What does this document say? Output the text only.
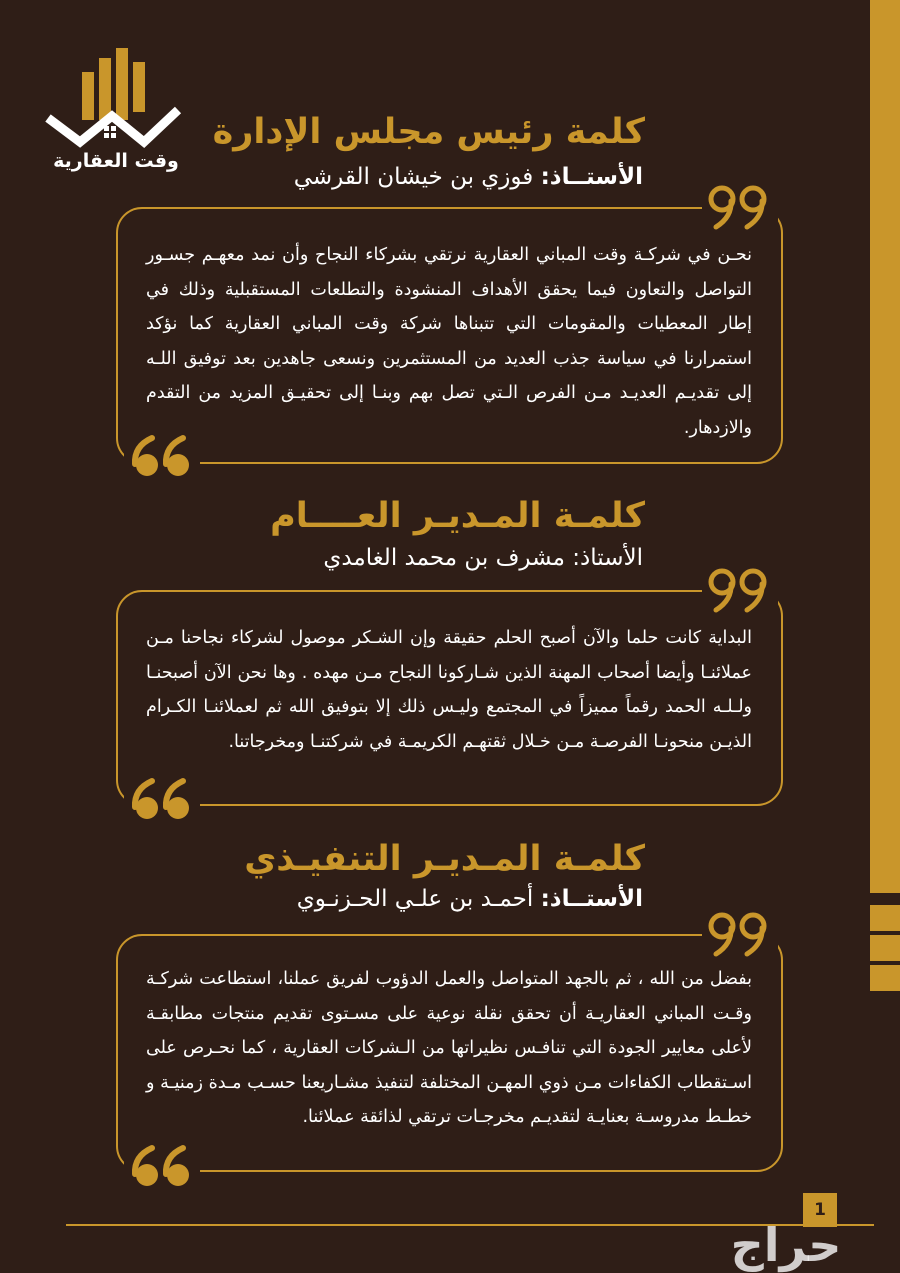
وقت العقارية
كلمة رئيس مجلس الإدارة
الأستــاذ: فوزي بن خيشان القرشي
نحـن في شركـة وقت المباني العقارية نرتقي بشركاء النجاح وأن نمد معهـم جسـور التواصل والتعاون فيما يحقق الأهداف المنشودة والتطلعات المستقبلية وذلك في إطار المعطيات والمقومات التي تتبناها شركة وقت المباني العقارية كما نؤكد استمرارنا في سياسة جذب العديد من المستثمرين ونسعى جاهدين بعد توفيق اللـه إلى تقديـم العديـد مـن الفرص الـتي تصل بهم وبنـا إلى تحقيـق المزيد من التقدم والازدهار.
كلمـة المـديـر العــــام
الأستاذ: مشرف بن محمد الغامدي
البداية كانت حلما والآن أصبح الحلم حقيقة وإن الشـكر موصول لشركاء نجاحنا مـن عملائنـا وأيضا أصحاب المهنة الذين شـاركونا النجاح مـن مهده . وها نحن الآن أصبحنـا ولـلـه الحمد رقماً مميزاً في المجتمع وليـس ذلك إلا بتوفيق الله ثم لعملائنـا الكـرام الذيـن منحونـا الفرصـة مـن خـلال ثقتهـم الكريمـة في شركتنـا ومخرجاتنا.
كلمـة المـديـر التنفيـذي
الأستــاذ: أحمـد بن علـي الحـزنـوي
بفضل من الله ، ثم بالجهد المتواصل والعمل الدؤوب لفريق عملنا، استطاعت شركـة وقـت المباني العقاريـة أن تحقق نقلة نوعية على مسـتوى تقديم منتجات مطابقـة لأعلى معايير الجودة التي تنافـس نظيراتها من الـشركات العقارية ، كما نحـرص على اسـتقطاب الكفاءات مـن ذوي المهـن المختلفة لتنفيذ مشـاريعنا حسـب مـدة زمنيـة و خطـط مدروسـة بعنايـة لتقديـم مخرجـات ترتقي لذائقة عملائنا.
1
حراج
